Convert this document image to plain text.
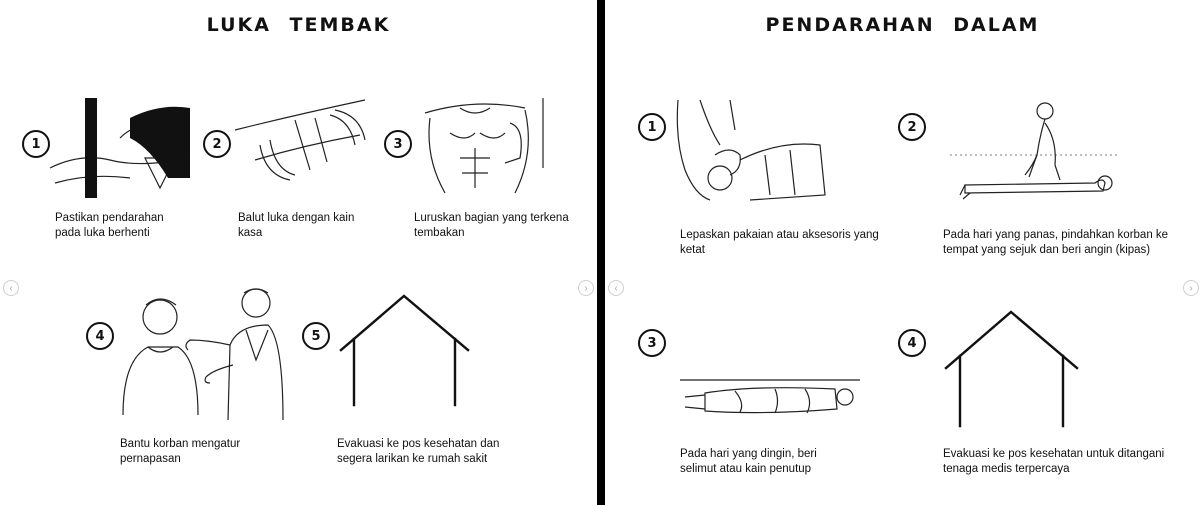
LUKA TEMBAK
1
Pastikan pendarahan pada luka berhenti
2
Balut luka dengan kain kasa
3
Luruskan bagian yang terkena tembakan
4
Bantu korban mengatur pernapasan
5
Evakuasi ke pos kesehatan dan segera larikan ke rumah sakit
‹	›
PENDARAHAN DALAM
1
Lepaskan pakaian atau aksesoris yang ketat
2
Pada hari yang panas, pindahkan korban ke tempat yang sejuk dan beri angin (kipas)
3
Pada hari yang dingin, beri selimut atau kain penutup
4
Evakuasi ke pos kesehatan untuk ditangani tenaga medis terpercaya
‹	›
